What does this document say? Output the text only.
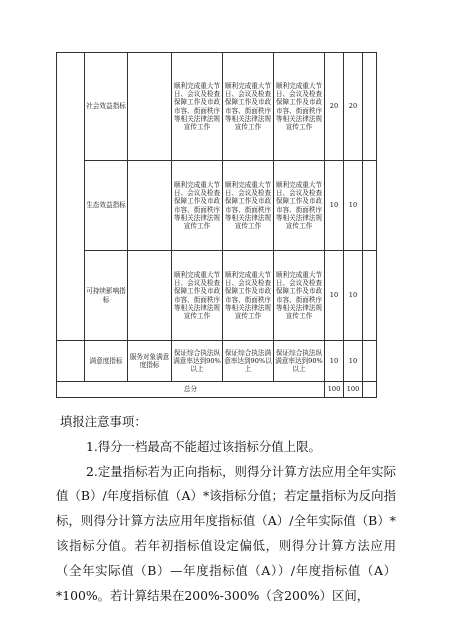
	社会效益指标		顺利完成重大节日、会议及检查保障工作及市政市容、街面秩序等相关法律法规宣传工作	顺利完成重大节日、会议及检查保障工作及市政市容、街面秩序等相关法律法规宣传工作	顺利完成重大节日、会议及检查保障工作及市政市容、街面秩序等相关法律法规宣传工作	20	20	
	生态效益指标		顺利完成重大节日、会议及检查保障工作及市政市容、街面秩序等相关法律法规宣传工作	顺利完成重大节日、会议及检查保障工作及市政市容、街面秩序等相关法律法规宣传工作	顺利完成重大节日、会议及检查保障工作及市政市容、街面秩序等相关法律法规宣传工作	10	10	
	可持续影响指标		顺利完成重大节日、会议及检查保障工作及市政市容、街面秩序等相关法律法规宣传工作	顺利完成重大节日、会议及检查保障工作及市政市容、街面秩序等相关法律法规宣传工作	顺利完成重大节日、会议及检查保障工作及市政市容、街面秩序等相关法律法规宣传工作	10	10	
	满意度指标	服务对象满意度指标	保证综合执法纵满意率达到90%以上	保证综合执法满意率达到90%以上	保证综合执法纵满意率达到90%以上	10	10	
总分						100	100	

填报注意事项：

1.得分一档最高不能超过该指标分值上限。

2.定量指标若为正向指标，则得分计算方法应用全年实际值（B）/年度指标值（A）*该指标分值；若定量指标为反向指标，则得分计算方法应用年度指标值（A）/全年实际值（B）*该指标分值。若年初指标值设定偏低，则得分计算方法应用（全年实际值（B）—年度指标值（A））/年度指标值（A）*100%。若计算结果在200%-300%（含200%）区间，
